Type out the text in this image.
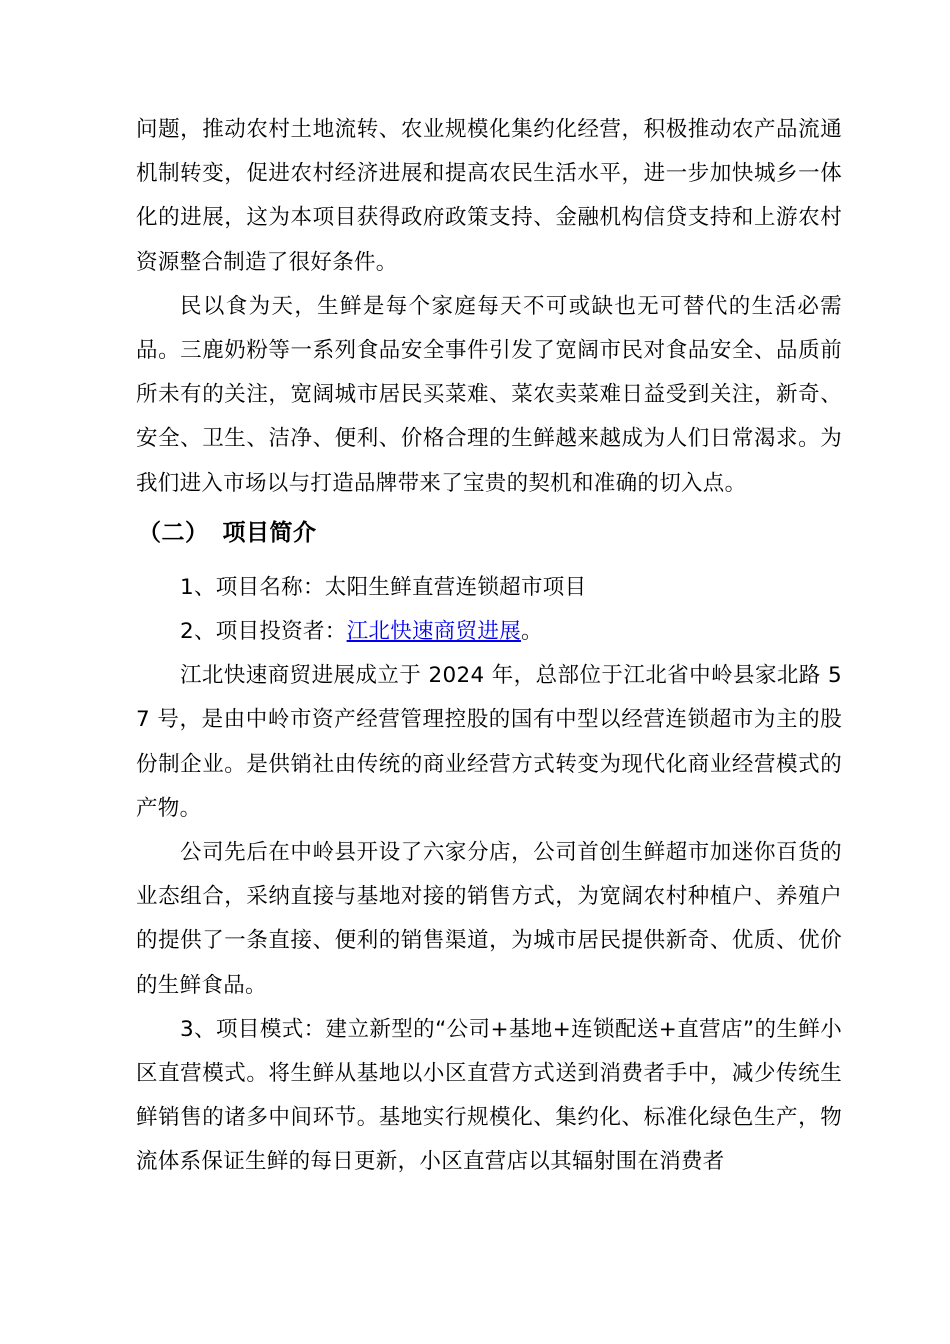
问题，推动农村土地流转、农业规模化集约化经营，积极推动农产品流通机制转变，促进农村经济进展和提高农民生活水平，进一步加快城乡一体化的进展，这为本项目获得政府政策支持、金融机构信贷支持和上游农村资源整合制造了很好条件。

民以食为天，生鲜是每个家庭每天不可或缺也无可替代的生活必需品。三鹿奶粉等一系列食品安全事件引发了宽阔市民对食品安全、品质前所未有的关注，宽阔城市居民买菜难、菜农卖菜难日益受到关注，新奇、安全、卫生、洁净、便利、价格合理的生鲜越来越成为人们日常渴求。为我们进入市场以与打造品牌带来了宝贵的契机和准确的切入点。

（二） 项目简介

1、项目名称：太阳生鲜直营连锁超市项目

2、项目投资者：江北快速商贸进展。

江北快速商贸进展成立于 2024 年，总部位于江北省中岭县家北路 57 号，是由中岭市资产经营管理控股的国有中型以经营连锁超市为主的股份制企业。是供销社由传统的商业经营方式转变为现代化商业经营模式的产物。

公司先后在中岭县开设了六家分店，公司首创生鲜超市加迷你百货的业态组合，采纳直接与基地对接的销售方式，为宽阔农村种植户、养殖户的提供了一条直接、便利的销售渠道，为城市居民提供新奇、优质、优价的生鲜食品。

3、项目模式：建立新型的“公司+基地+连锁配送+直营店”的生鲜小区直营模式。将生鲜从基地以小区直营方式送到消费者手中，减少传统生鲜销售的诸多中间环节。基地实行规模化、集约化、标准化绿色生产，物流体系保证生鲜的每日更新，小区直营店以其辐射围在消费者
